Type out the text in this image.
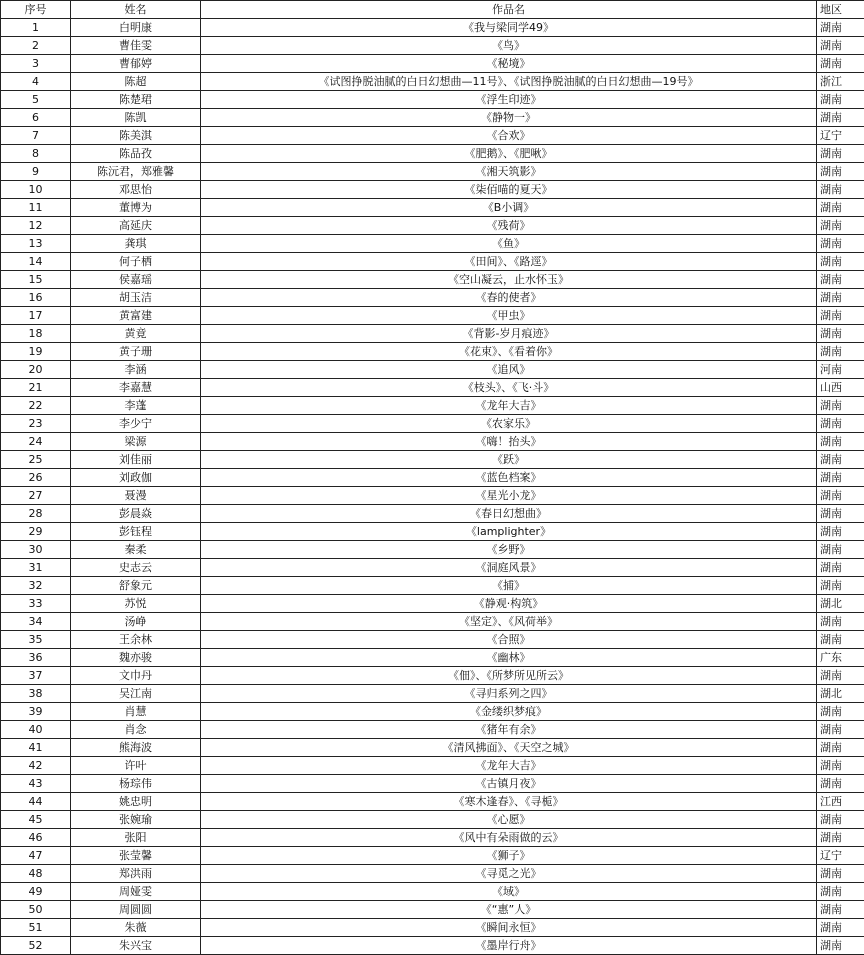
序号	姓名	作品名	地区
1	白明康	《我与梁同学49》	湖南
2	曹佳雯	《鸟》	湖南
3	曹郁婷	《秘境》	湖南
4	陈超	《试图挣脱油腻的白日幻想曲—11号》、《试图挣脱油腻的白日幻想曲—19号》	浙江
5	陈楚珺	《浮生印迹》	湖南
6	陈凯	《静物一》	湖南
7	陈美淇	《合欢》	辽宁
8	陈品孜	《肥鹅》、《肥啾》	湖南
9	陈沅君，郑雅馨	《湘天筑影》	湖南
10	邓思怡	《柒佰喵的夏天》	湖南
11	董博为	《B小调》	湖南
12	高延庆	《残荷》	湖南
13	龚琪	《鱼》	湖南
14	何子栖	《田间》、《路逕》	湖南
15	侯嘉瑶	《空山凝云，止水怀玉》	湖南
16	胡玉洁	《春的使者》	湖南
17	黄富建	《甲虫》	湖南
18	黄竟	《背影-岁月痕迹》	湖南
19	黄子珊	《花束》、《看着你》	湖南
20	李涵	《追风》	河南
21	李嘉慧	《枝头》、《飞·斗》	山西
22	李蓬	《龙年大吉》	湖南
23	李少宁	《农家乐》	湖南
24	梁源	《嗨！抬头》	湖南
25	刘佳丽	《跃》	湖南
26	刘政伽	《蓝色档案》	湖南
27	聂漫	《星光小龙》	湖南
28	彭晨焱	《春日幻想曲》	湖南
29	彭钰程	《lamplighter》	湖南
30	秦柔	《乡野》	湖南
31	史志云	《洞庭风景》	湖南
32	舒象元	《捕》	湖南
33	苏悦	《静观·构筑》	湖北
34	汤峥	《坚定》、《风荷举》	湖南
35	王余林	《合照》	湖南
36	魏亦骏	《幽林》	广东
37	文巾丹	《佃》、《所梦所见所云》	湖南
38	吴江南	《寻归系列之四》	湖北
39	肖慧	《金缕织梦痕》	湖南
40	肖念	《猪年有余》	湖南
41	熊海波	《清风拂面》、《天空之城》	湖南
42	许叶	《龙年大吉》	湖南
43	杨琮伟	《古镇月夜》	湖南
44	姚忠明	《寒木逢春》、《寻栀》	江西
45	张婉瑜	《心愿》	湖南
46	张阳	《风中有朵雨做的云》	湖南
47	张莹馨	《狮子》	辽宁
48	郑洪雨	《寻觅之光》	湖南
49	周娅雯	《域》	湖南
50	周圆圆	《“惠”人》	湖南
51	朱薇	《瞬间永恒》	湖南
52	朱兴宝	《墨岸行舟》	湖南
